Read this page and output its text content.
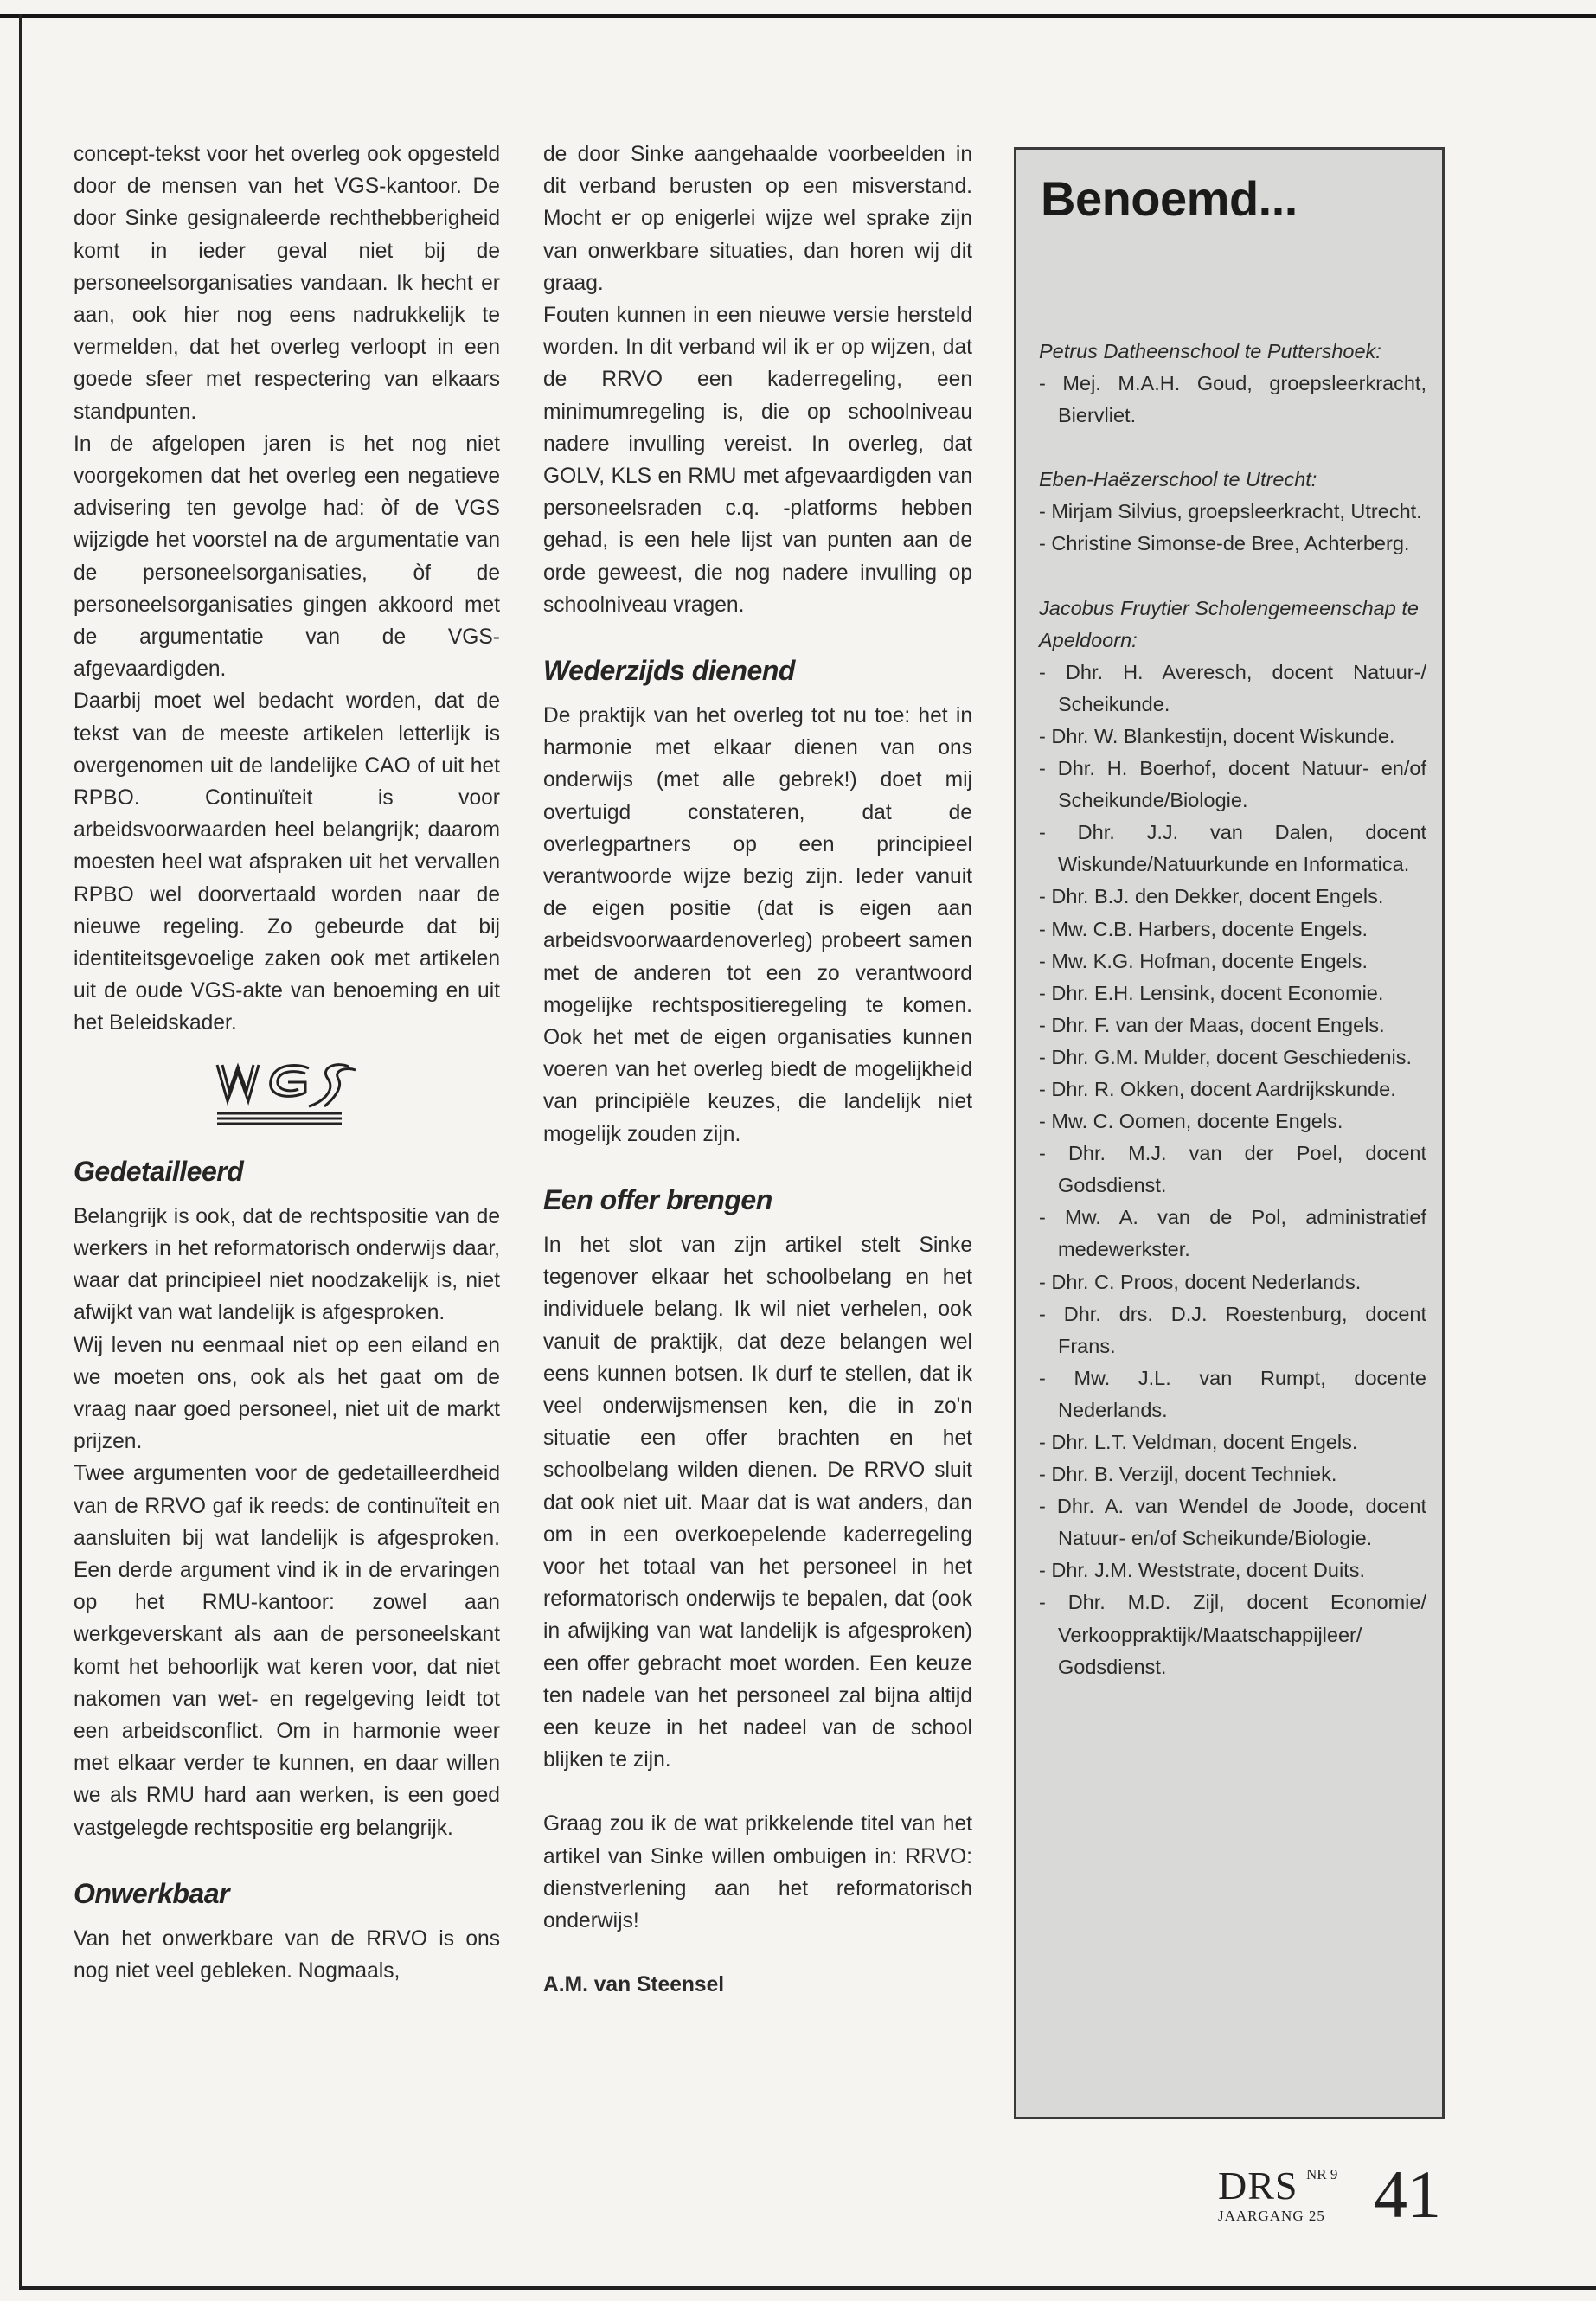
concept-tekst voor het overleg ook opgesteld door de mensen van het VGS-kantoor. De door Sinke gesignaleerde rechthebberigheid komt in ieder geval niet bij de personeelsorganisaties vandaan. Ik hecht er aan, ook hier nog eens nadrukkelijk te vermelden, dat het overleg verloopt in een goede sfeer met respectering van elkaars standpunten.

In de afgelopen jaren is het nog niet voorgekomen dat het overleg een negatieve advisering ten gevolge had: òf de VGS wijzigde het voorstel na de argumentatie van de personeelsorganisaties, òf de personeelsorganisaties gingen akkoord met de argumentatie van de VGS-afgevaardigden.

Daarbij moet wel bedacht worden, dat de tekst van de meeste artikelen letterlijk is overgenomen uit de landelijke CAO of uit het RPBO. Continuïteit is voor arbeidsvoorwaarden heel belangrijk; daarom moesten heel wat afspraken uit het vervallen RPBO wel doorvertaald worden naar de nieuwe regeling. Zo gebeurde dat bij identiteitsgevoelige zaken ook met artikelen uit de oude VGS-akte van benoeming en uit het Beleidskader.

VGS
Gedetailleerd

Belangrijk is ook, dat de rechtspositie van de werkers in het reformatorisch onderwijs daar, waar dat principieel niet noodzakelijk is, niet afwijkt van wat landelijk is afgesproken.

Wij leven nu eenmaal niet op een eiland en we moeten ons, ook als het gaat om de vraag naar goed personeel, niet uit de markt prijzen.

Twee argumenten voor de gedetailleerdheid van de RRVO gaf ik reeds: de continuïteit en aansluiten bij wat landelijk is afgesproken. Een derde argument vind ik in de ervaringen op het RMU-kantoor: zowel aan werkgeverskant als aan de personeelskant komt het behoorlijk wat keren voor, dat niet nakomen van wet- en regelgeving leidt tot een arbeidsconflict. Om in harmonie weer met elkaar verder te kunnen, en daar willen we als RMU hard aan werken, is een goed vastgelegde rechtspositie erg belangrijk.

Onwerkbaar

Van het onwerkbare van de RRVO is ons nog niet veel gebleken. Nogmaals,

de door Sinke aangehaalde voorbeelden in dit verband berusten op een misverstand. Mocht er op enigerlei wijze wel sprake zijn van onwerkbare situaties, dan horen wij dit graag.

Fouten kunnen in een nieuwe versie hersteld worden. In dit verband wil ik er op wijzen, dat de RRVO een kaderregeling, een minimumregeling is, die op schoolniveau nadere invulling vereist. In overleg, dat GOLV, KLS en RMU met afgevaardigden van personeelsraden c.q. -platforms hebben gehad, is een hele lijst van punten aan de orde geweest, die nog nadere invulling op schoolniveau vragen.

Wederzijds dienend

De praktijk van het overleg tot nu toe: het in harmonie met elkaar dienen van ons onderwijs (met alle gebrek!) doet mij overtuigd constateren, dat de overlegpartners op een principieel verantwoorde wijze bezig zijn. Ieder vanuit de eigen positie (dat is eigen aan arbeidsvoorwaardenoverleg) probeert samen met de anderen tot een zo verantwoord mogelijke rechtspositieregeling te komen. Ook het met de eigen organisaties kunnen voeren van het overleg biedt de mogelijkheid van principiële keuzes, die landelijk niet mogelijk zouden zijn.

Een offer brengen

In het slot van zijn artikel stelt Sinke tegenover elkaar het schoolbelang en het individuele belang. Ik wil niet verhelen, ook vanuit de praktijk, dat deze belangen wel eens kunnen botsen. Ik durf te stellen, dat ik veel onderwijsmensen ken, die in zo'n situatie een offer brachten en het schoolbelang wilden dienen. De RRVO sluit dat ook niet uit. Maar dat is wat anders, dan om in een overkoepelende kaderregeling voor het totaal van het personeel in het reformatorisch onderwijs te bepalen, dat (ook in afwijking van wat landelijk is afgesproken) een offer gebracht moet worden. Een keuze ten nadele van het personeel zal bijna altijd een keuze in het nadeel van de school blijken te zijn.

Graag zou ik de wat prikkelende titel van het artikel van Sinke willen ombuigen in: RRVO: dienstverlening aan het reformatorisch onderwijs!

A.M. van Steensel

Benoemd...

Petrus Datheenschool te Puttershoek:

- Mej. M.A.H. Goud, groepsleerkracht, Biervliet.

Eben-Haëzerschool te Utrecht:

- Mirjam Silvius, groepsleerkracht, Utrecht.

- Christine Simonse-de Bree, Achterberg.

Jacobus Fruytier Scholengemeenschap te Apeldoorn:

- Dhr. H. Averesch, docent Natuur-/ Scheikunde.

- Dhr. W. Blankestijn, docent Wiskunde.

- Dhr. H. Boerhof, docent Natuur- en/of Scheikunde/Biologie.

- Dhr. J.J. van Dalen, docent Wiskunde/Natuurkunde en Informatica.

- Dhr. B.J. den Dekker, docent Engels.

- Mw. C.B. Harbers, docente Engels.

- Mw. K.G. Hofman, docente Engels.

- Dhr. E.H. Lensink, docent Economie.

- Dhr. F. van der Maas, docent Engels.

- Dhr. G.M. Mulder, docent Geschiedenis.

- Dhr. R. Okken, docent Aardrijkskunde.

- Mw. C. Oomen, docente Engels.

- Dhr. M.J. van der Poel, docent Godsdienst.

- Mw. A. van de Pol, administratief medewerkster.

- Dhr. C. Proos, docent Nederlands.

- Dhr. drs. D.J. Roestenburg, docent Frans.

- Mw. J.L. van Rumpt, docente Nederlands.

- Dhr. L.T. Veldman, docent Engels.

- Dhr. B. Verzijl, docent Techniek.

- Dhr. A. van Wendel de Joode, docent Natuur- en/of Scheikunde/Biologie.

- Dhr. J.M. Weststrate, docent Duits.

- Dhr. M.D. Zijl, docent Economie/ Verkooppraktijk/Maatschappijleer/ Godsdienst.

DRS NR 9
JAARGANG 25 41
